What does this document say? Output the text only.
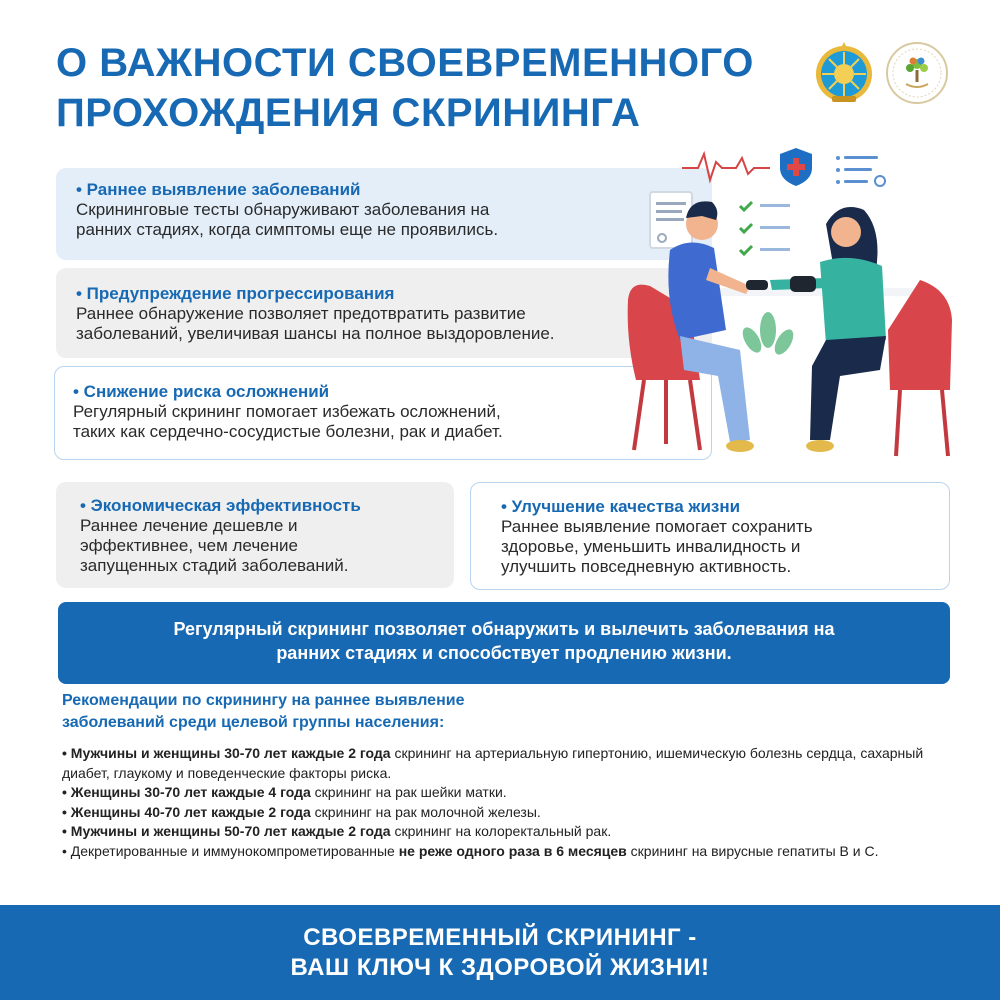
О ВАЖНОСТИ СВОЕВРЕМЕННОГО
ПРОХОЖДЕНИЯ СКРИНИНГА
• Раннее выявление заболеваний
Скрининговые тесты обнаруживают заболевания на
ранних стадиях, когда симптомы еще не проявились.
• Предупреждение прогрессирования
Раннее обнаружение позволяет предотвратить развитие
заболеваний, увеличивая шансы на полное выздоровление.
• Снижение риска осложнений
Регулярный скрининг помогает избежать осложнений,
таких как сердечно-сосудистые болезни, рак и диабет.
• Экономическая эффективность
Раннее лечение дешевле и
эффективнее, чем лечение
запущенных стадий заболеваний.
• Улучшение качества жизни
Раннее выявление помогает сохранить
здоровье, уменьшить инвалидность и
улучшить повседневную активность.
Регулярный скрининг позволяет обнаружить и вылечить заболевания на
ранних стадиях и способствует продлению жизни.
Рекомендации по скринингу на раннее выявление
заболеваний среди целевой группы населения:
• Мужчины и женщины 30-70 лет каждые 2 года скрининг на артериальную гипертонию, ишемическую болезнь сердца, сахарный диабет, глаукому и поведенческие факторы риска.
• Женщины 30-70 лет каждые 4 года скрининг на рак шейки матки.
• Женщины 40-70 лет каждые 2 года скрининг на рак молочной железы.
• Мужчины и женщины 50-70 лет каждые 2 года скрининг на колоректальный рак.
• Декретированные и иммунокомпрометированные не реже одного раза в 6 месяцев скрининг на вирусные гепатиты B и C.
СВОЕВРЕМЕННЫЙ СКРИНИНГ -
ВАШ КЛЮЧ К ЗДОРОВОЙ ЖИЗНИ!
